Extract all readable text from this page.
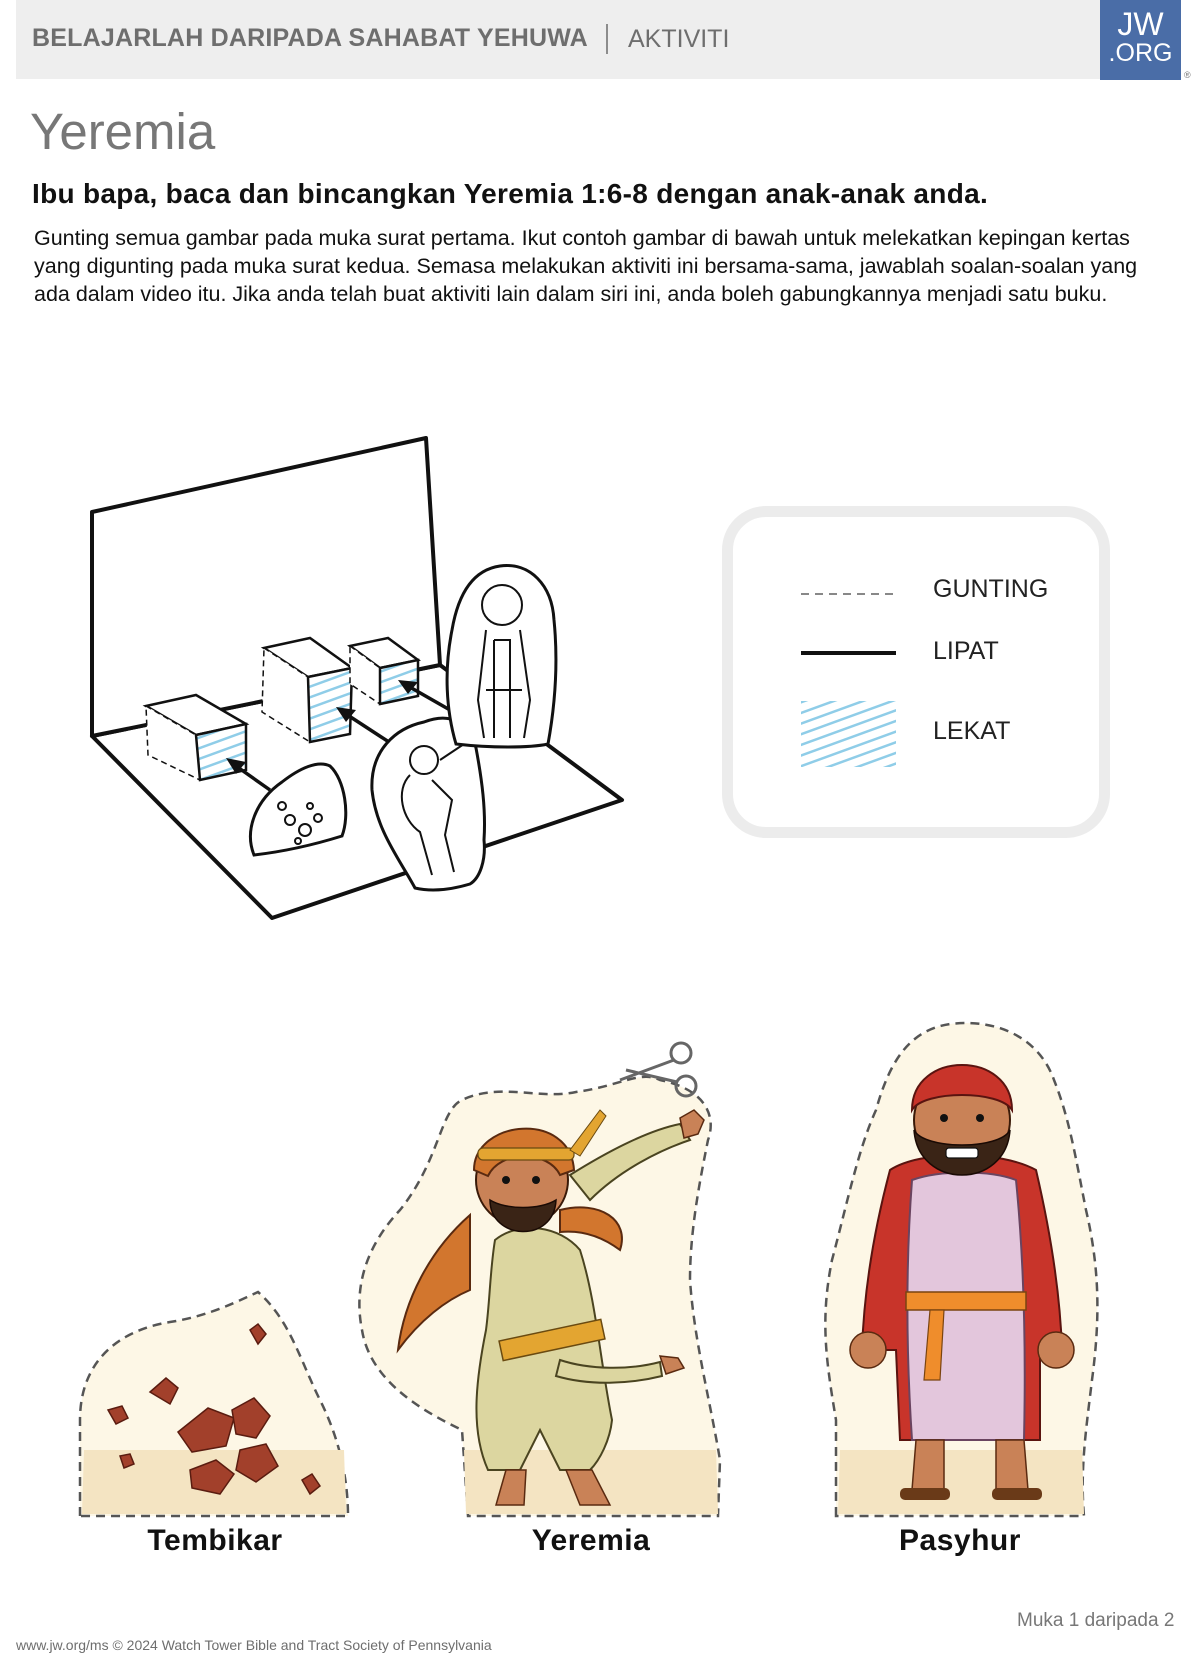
BELAJARLAH DARIPADA SAHABAT YEHUWA AKTIVITI	JW
.ORG
®
Yeremia
Ibu bapa, baca dan bincangkan Yeremia 1:6-8 dengan anak-anak anda.
Gunting semua gambar pada muka surat pertama. Ikut contoh gambar di bawah untuk melekatkan kepingan kertas yang digunting pada muka surat kedua. Semasa melakukan aktiviti ini bersama-sama, jawablah soalan-soalan yang ada dalam video itu. Jika anda telah buat aktiviti lain dalam siri ini, anda boleh gabungkannya menjadi satu buku.
GUNTING
LIPAT
LEKAT
Tembikar	Yeremia	Pasyhur
Muka 1 daripada 2
www.jw.org/ms © 2024 Watch Tower Bible and Tract Society of Pennsylvania
